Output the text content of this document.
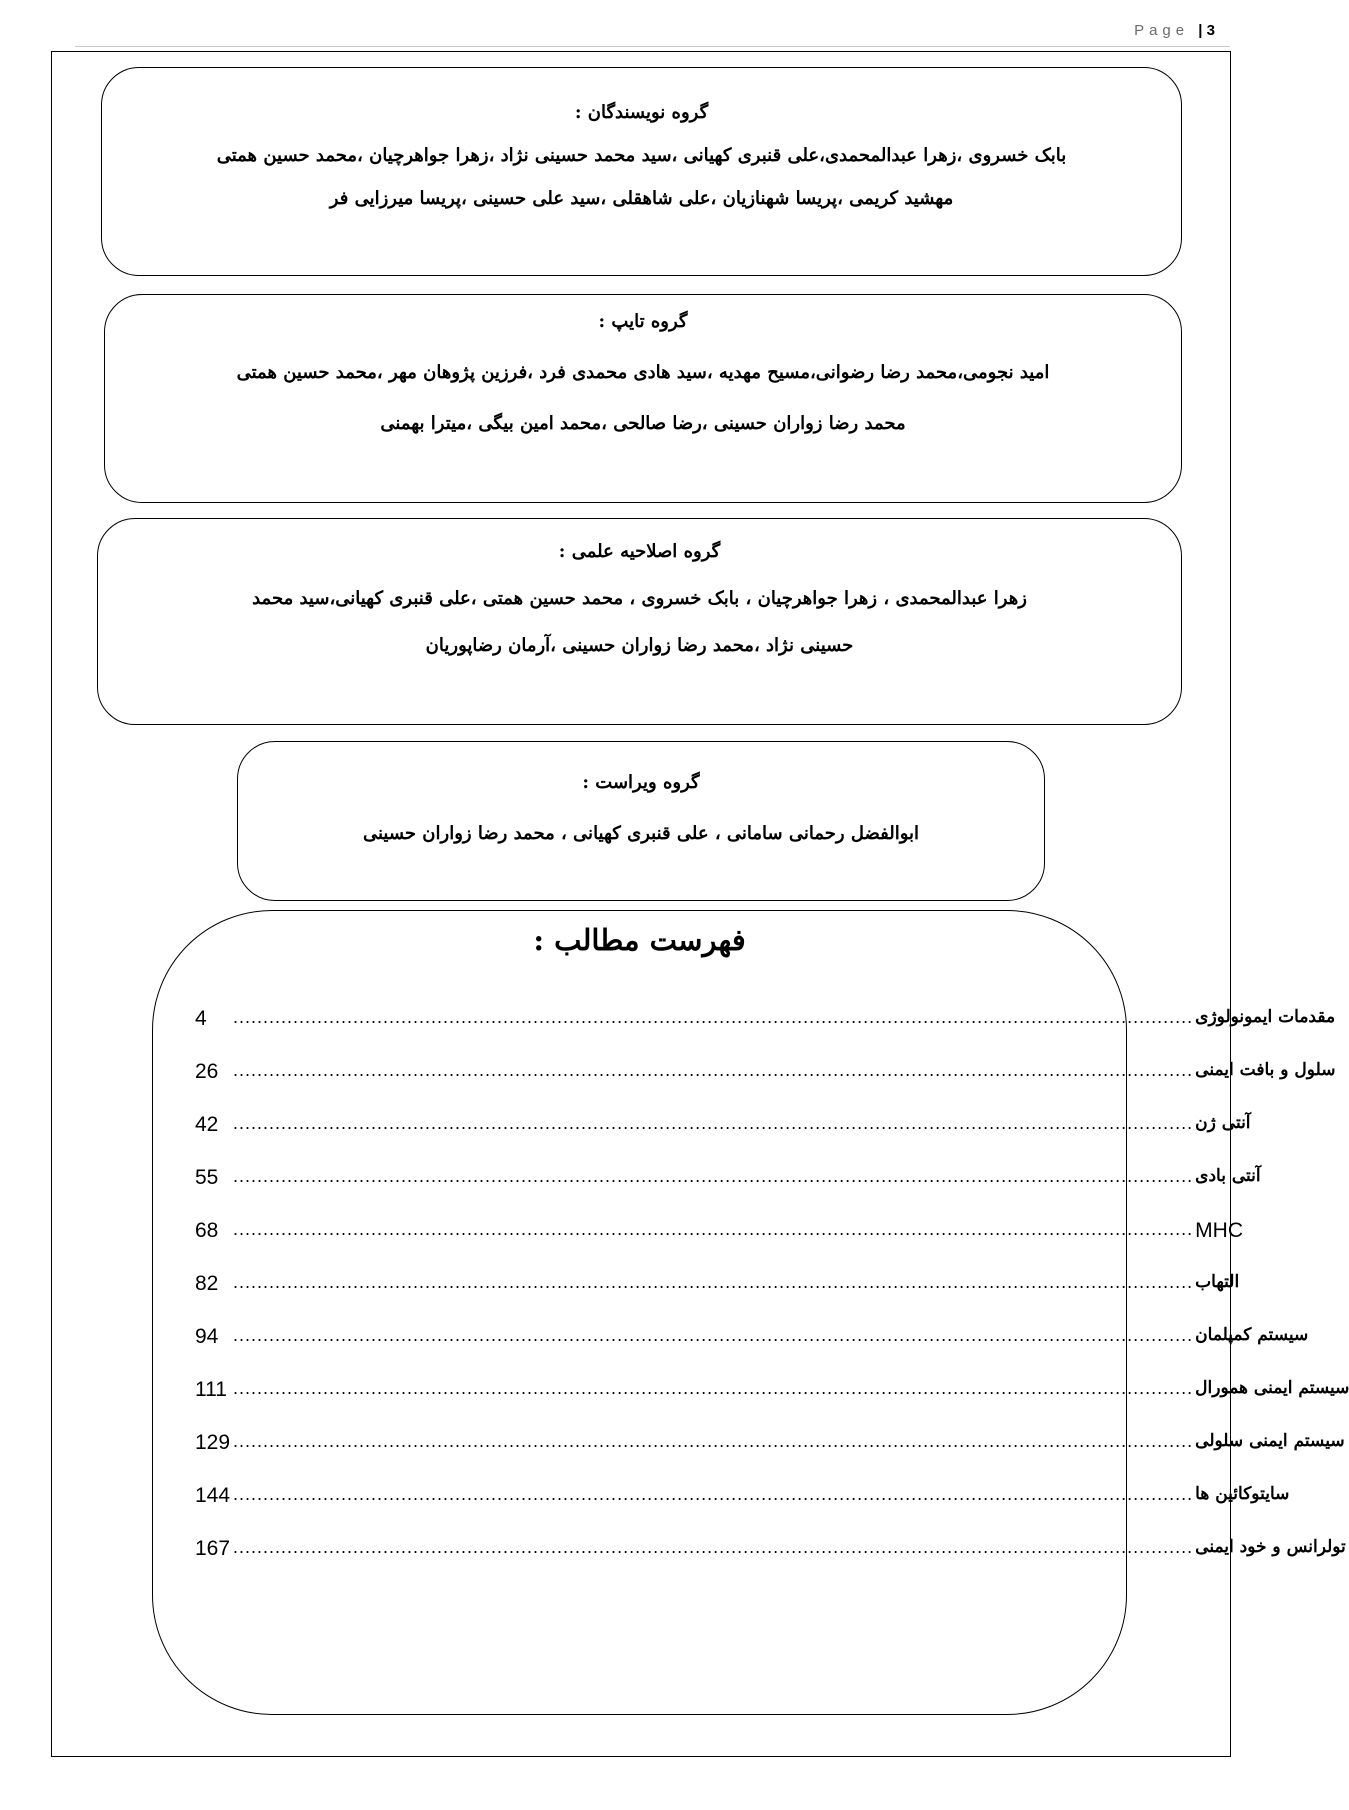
Page | 3

گروه نویسندگان :

بابک خسروی ،زهرا عبدالمحمدی،علی قنبری کهیانی ،سید محمد حسینی نژاد ،زهرا جواهرچیان ،محمد حسین همتی

مهشید کریمی ،پریسا شهنازیان ،علی شاهقلی ،سید علی حسینی ،پریسا میرزایی فر

گروه تایپ :

امید نجومی،محمد رضا رضوانی،مسیح مهدیه ،سید هادی محمدی فرد ،فرزین پژوهان مهر ،محمد حسین همتی

محمد رضا زواران حسینی ،رضا صالحی ،محمد امین بیگی ،میترا بهمنی

گروه اصلاحیه علمی :

زهرا عبدالمحمدی ، زهرا جواهرچیان ، بابک خسروی ، محمد حسین همتی ،علی قنبری کهیانی،سید محمد

حسینی نژاد ،محمد رضا زواران حسینی ،آرمان رضاپوریان

گروه ویراست :

ابوالفضل رحمانی سامانی ، علی قنبری کهیانی ، محمد رضا زواران حسینی

فهرست مطالب :

4	................................................................................................................................................................ مقدمات ایمونولوژی
26 ................................................................................................................................................................ سلول و بافت ایمنی
42 ................................................................................................................................................................ آنتی ژن
55 ................................................................................................................................................................ آنتی بادی
68 ................................................................................................................................................................ MHC
82 ................................................................................................................................................................ التهاب
94 ................................................................................................................................................................ سیستم کمپلمان
111 ................................................................................................................................................................ سیستم ایمنی همورال
129 ................................................................................................................................................................ سیستم ایمنی سلولی
144 ................................................................................................................................................................ سایتوکائین ها
167 ................................................................................................................................................................ تولرانس و خود ایمنی
